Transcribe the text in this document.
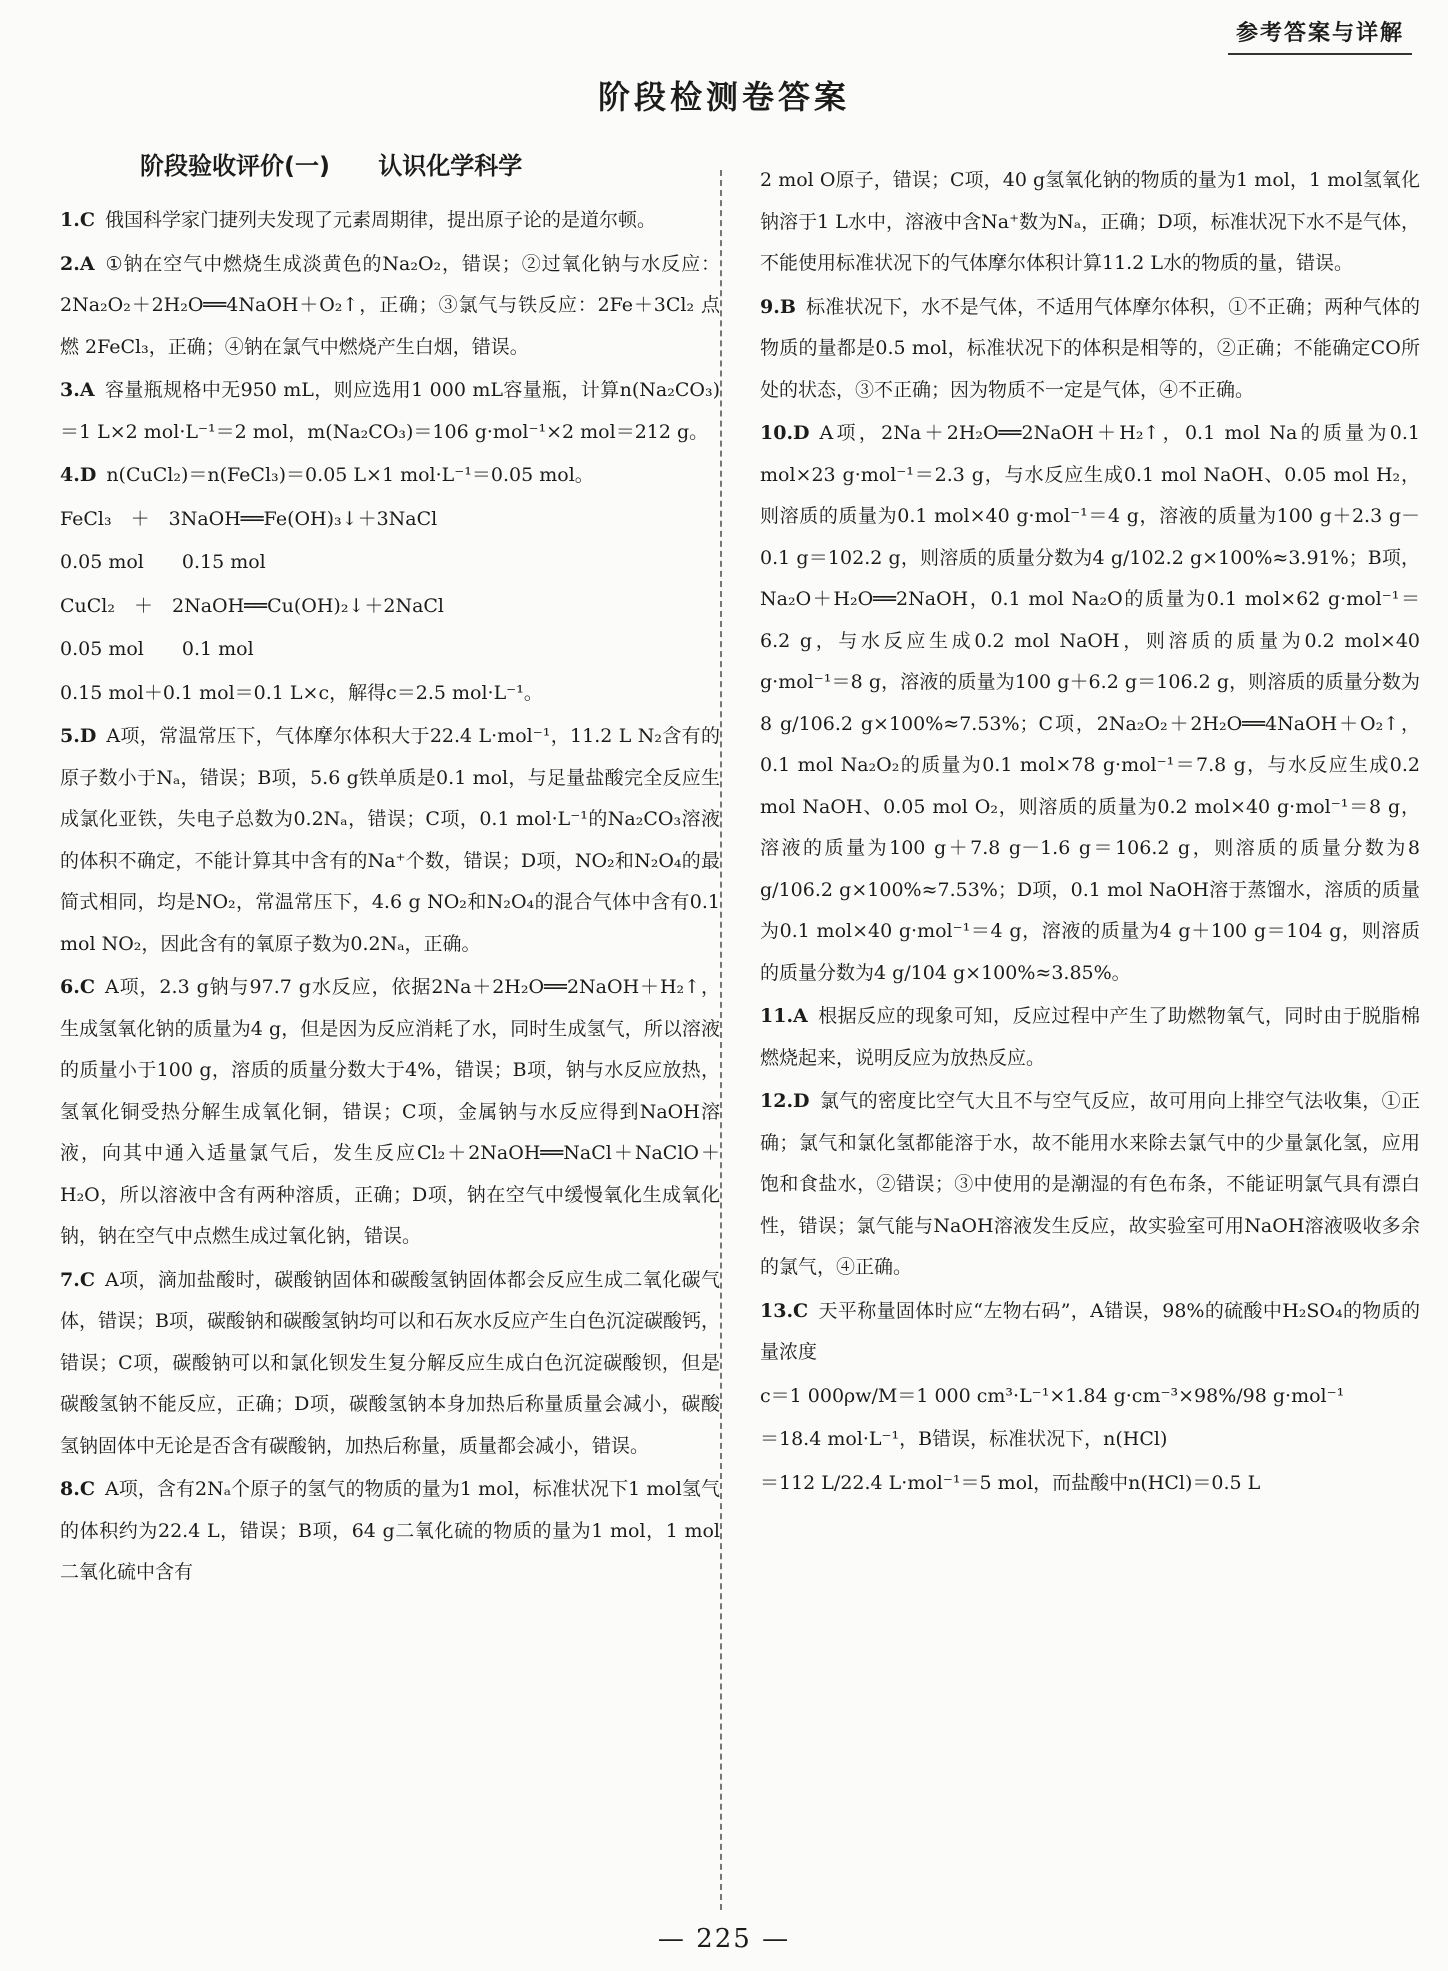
参考答案与详解
阶段检测卷答案
阶段验收评价(一) 认识化学科学

1.C 俄国科学家门捷列夫发现了元素周期律，提出原子论的是道尔顿。

2.A ①钠在空气中燃烧生成淡黄色的Na₂O₂，错误；②过氧化钠与水反应：2Na₂O₂＋2H₂O══4NaOH＋O₂↑，正确；③氯气与铁反应：2Fe＋3Cl₂ 点燃 2FeCl₃，正确；④钠在氯气中燃烧产生白烟，错误。

3.A 容量瓶规格中无950 mL，则应选用1 000 mL容量瓶，计算n(Na₂CO₃)＝1 L×2 mol·L⁻¹＝2 mol，m(Na₂CO₃)＝106 g·mol⁻¹×2 mol＝212 g。

4.D n(CuCl₂)＝n(FeCl₃)＝0.05 L×1 mol·L⁻¹＝0.05 mol。

FeCl₃　＋　3NaOH══Fe(OH)₃↓＋3NaCl

0.05 mol　　0.15 mol

CuCl₂　＋　2NaOH══Cu(OH)₂↓＋2NaCl

0.05 mol　　0.1 mol

0.15 mol＋0.1 mol＝0.1 L×c，解得c＝2.5 mol·L⁻¹。

5.D A项，常温常压下，气体摩尔体积大于22.4 L·mol⁻¹，11.2 L N₂含有的原子数小于Nₐ，错误；B项，5.6 g铁单质是0.1 mol，与足量盐酸完全反应生成氯化亚铁，失电子总数为0.2Nₐ，错误；C项，0.1 mol·L⁻¹的Na₂CO₃溶液的体积不确定，不能计算其中含有的Na⁺个数，错误；D项，NO₂和N₂O₄的最简式相同，均是NO₂，常温常压下，4.6 g NO₂和N₂O₄的混合气体中含有0.1 mol NO₂，因此含有的氧原子数为0.2Nₐ，正确。

6.C A项，2.3 g钠与97.7 g水反应，依据2Na＋2H₂O══2NaOH＋H₂↑，生成氢氧化钠的质量为4 g，但是因为反应消耗了水，同时生成氢气，所以溶液的质量小于100 g，溶质的质量分数大于4%，错误；B项，钠与水反应放热，氢氧化铜受热分解生成氧化铜，错误；C项，金属钠与水反应得到NaOH溶液，向其中通入适量氯气后，发生反应Cl₂＋2NaOH══NaCl＋NaClO＋H₂O，所以溶液中含有两种溶质，正确；D项，钠在空气中缓慢氧化生成氧化钠，钠在空气中点燃生成过氧化钠，错误。

7.C A项，滴加盐酸时，碳酸钠固体和碳酸氢钠固体都会反应生成二氧化碳气体，错误；B项，碳酸钠和碳酸氢钠均可以和石灰水反应产生白色沉淀碳酸钙，错误；C项，碳酸钠可以和氯化钡发生复分解反应生成白色沉淀碳酸钡，但是碳酸氢钠不能反应，正确；D项，碳酸氢钠本身加热后称量质量会减小，碳酸氢钠固体中无论是否含有碳酸钠，加热后称量，质量都会减小，错误。

8.C A项，含有2Nₐ个原子的氢气的物质的量为1 mol，标准状况下1 mol氢气的体积约为22.4 L，错误；B项，64 g二氧化硫的物质的量为1 mol，1 mol二氧化硫中含有

2 mol O原子，错误；C项，40 g氢氧化钠的物质的量为1 mol，1 mol氢氧化钠溶于1 L水中，溶液中含Na⁺数为Nₐ，正确；D项，标准状况下水不是气体，不能使用标准状况下的气体摩尔体积计算11.2 L水的物质的量，错误。

9.B 标准状况下，水不是气体，不适用气体摩尔体积，①不正确；两种气体的物质的量都是0.5 mol，标准状况下的体积是相等的，②正确；不能确定CO所处的状态，③不正确；因为物质不一定是气体，④不正确。

10.D A项，2Na＋2H₂O══2NaOH＋H₂↑，0.1 mol Na的质量为0.1 mol×23 g·mol⁻¹＝2.3 g，与水反应生成0.1 mol NaOH、0.05 mol H₂，则溶质的质量为0.1 mol×40 g·mol⁻¹＝4 g，溶液的质量为100 g＋2.3 g－0.1 g＝102.2 g，则溶质的质量分数为4 g/102.2 g×100%≈3.91%；B项，Na₂O＋H₂O══2NaOH，0.1 mol Na₂O的质量为0.1 mol×62 g·mol⁻¹＝6.2 g，与水反应生成0.2 mol NaOH，则溶质的质量为0.2 mol×40 g·mol⁻¹＝8 g，溶液的质量为100 g＋6.2 g＝106.2 g，则溶质的质量分数为8 g/106.2 g×100%≈7.53%；C项，2Na₂O₂＋2H₂O══4NaOH＋O₂↑，0.1 mol Na₂O₂的质量为0.1 mol×78 g·mol⁻¹＝7.8 g，与水反应生成0.2 mol NaOH、0.05 mol O₂，则溶质的质量为0.2 mol×40 g·mol⁻¹＝8 g，溶液的质量为100 g＋7.8 g－1.6 g＝106.2 g，则溶质的质量分数为8 g/106.2 g×100%≈7.53%；D项，0.1 mol NaOH溶于蒸馏水，溶质的质量为0.1 mol×40 g·mol⁻¹＝4 g，溶液的质量为4 g＋100 g＝104 g，则溶质的质量分数为4 g/104 g×100%≈3.85%。

11.A 根据反应的现象可知，反应过程中产生了助燃物氧气，同时由于脱脂棉燃烧起来，说明反应为放热反应。

12.D 氯气的密度比空气大且不与空气反应，故可用向上排空气法收集，①正确；氯气和氯化氢都能溶于水，故不能用水来除去氯气中的少量氯化氢，应用饱和食盐水，②错误；③中使用的是潮湿的有色布条，不能证明氯气具有漂白性，错误；氯气能与NaOH溶液发生反应，故实验室可用NaOH溶液吸收多余的氯气，④正确。

13.C 天平称量固体时应“左物右码”，A错误，98%的硫酸中H₂SO₄的物质的量浓度

c＝1 000ρw/M＝1 000 cm³·L⁻¹×1.84 g·cm⁻³×98%/98 g·mol⁻¹

＝18.4 mol·L⁻¹，B错误，标准状况下，n(HCl)

＝112 L/22.4 L·mol⁻¹＝5 mol，而盐酸中n(HCl)＝0.5 L

— 225 —
